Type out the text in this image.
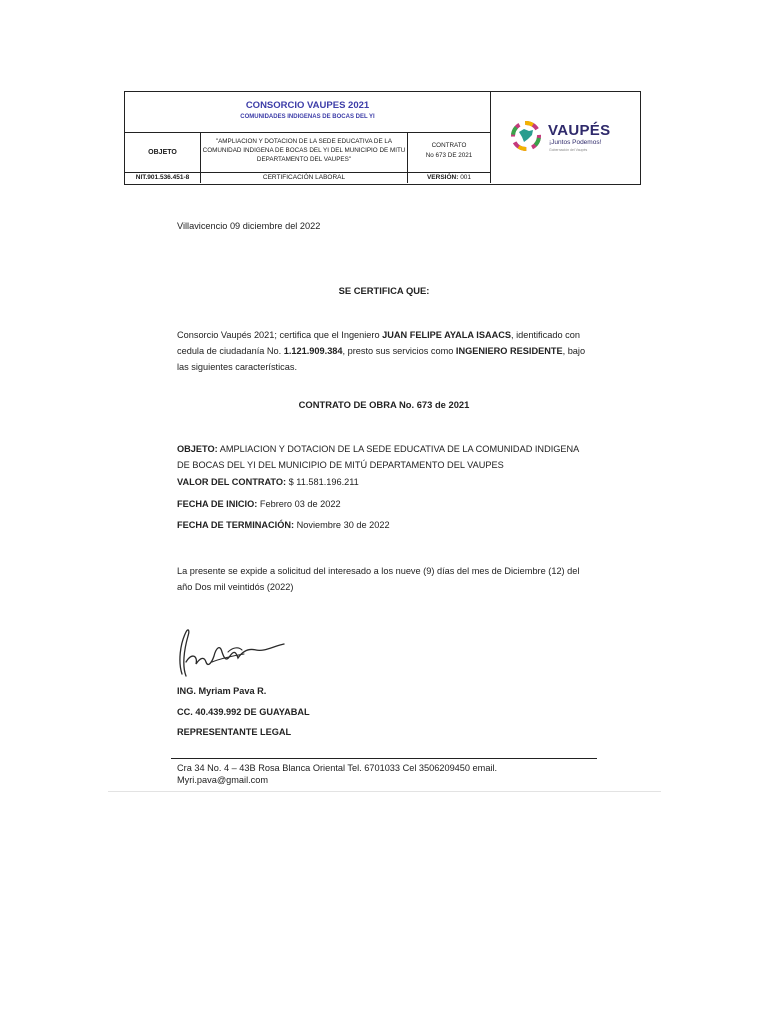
CONSORCIO VAUPES 2021
COMUNIDADES INDIGENAS DE BOCAS DEL YI
OBJETO
"AMPLIACION Y DOTACION DE LA SEDE EDUCATIVA DE LA COMUNIDAD INDIGENA DE BOCAS DEL YI DEL MUNICIPIO DE MITU DEPARTAMENTO DEL VAUPES"
CONTRATO
No 673 DE 2021
NIT.901.536.451-8	CERTIFICACIÓN LABORAL	VERSIÓN: 001
VAUPÉS
¡Juntos Podemos!
Gobernación del Vaupés
Villavicencio 09 diciembre del 2022
SE CERTIFICA QUE:
Consorcio Vaupés 2021; certifica que el Ingeniero JUAN FELIPE AYALA ISAACS, identificado con cedula de ciudadanía No. 1.121.909.384, presto sus servicios como INGENIERO RESIDENTE, bajo las siguientes características.
CONTRATO DE OBRA No. 673 de 2021
OBJETO: AMPLIACION Y DOTACION DE LA SEDE EDUCATIVA DE LA COMUNIDAD INDIGENA DE BOCAS DEL YI DEL MUNICIPIO DE MITÚ DEPARTAMENTO DEL VAUPES
VALOR DEL CONTRATO: $ 11.581.196.211
FECHA DE INICIO: Febrero 03 de 2022
FECHA DE TERMINACIÓN: Noviembre 30 de 2022
La presente se expide a solicitud del interesado a los nueve (9) días del mes de Diciembre (12) del año Dos mil veintidós (2022)
ING. Myriam Pava R.
CC. 40.439.992 DE GUAYABAL
REPRESENTANTE LEGAL
Cra 34 No. 4 – 43B Rosa Blanca Oriental Tel. 6701033 Cel 3506209450 email.
Myri.pava@gmail.com
